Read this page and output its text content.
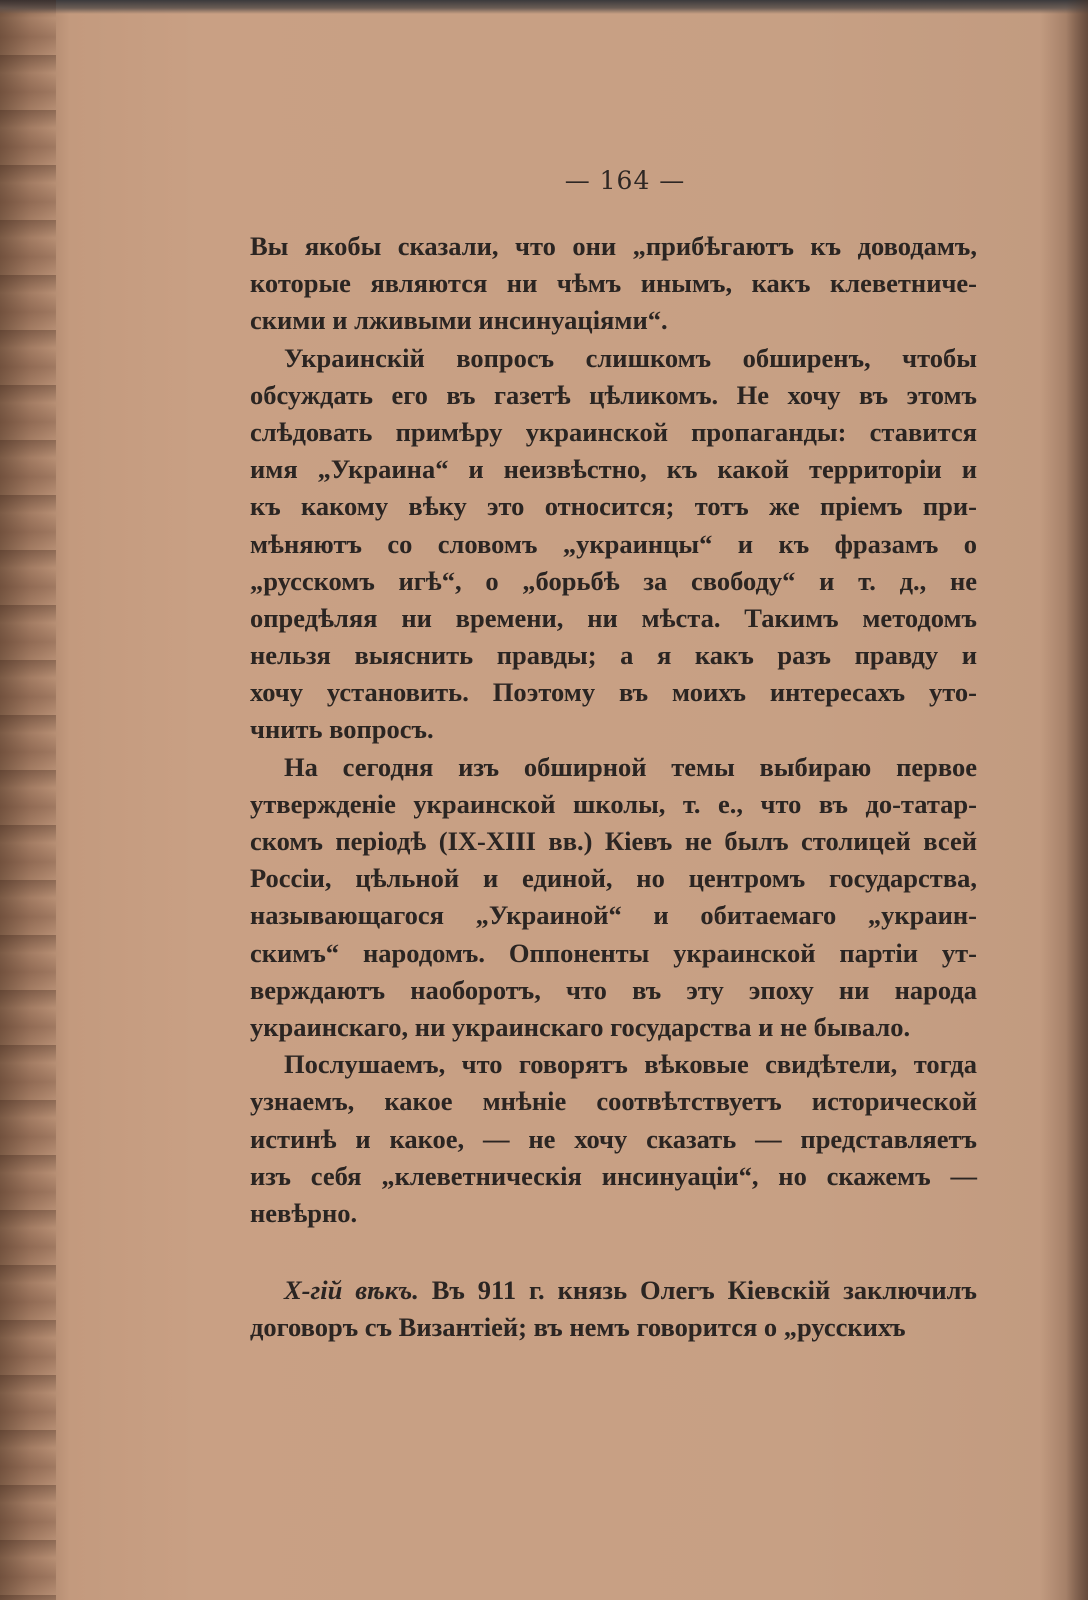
— 164 —
Вы якобы сказали, что они „прибѣгаютъ къ доводамъ,
которые являются ни чѣмъ инымъ, какъ клеветниче-
скими и лживыми инсинуаціями“.
Украинскій вопросъ слишкомъ обширенъ, чтобы
обсуждать его въ газетѣ цѣликомъ. Не хочу въ этомъ
слѣдовать примѣру украинской пропаганды: ставится
имя „Украина“ и неизвѣстно, къ какой территоріи и
къ какому вѣку это относится; тотъ же пріемъ при-
мѣняютъ со словомъ „украинцы“ и къ фразамъ о
„русскомъ игѣ“, о „борьбѣ за свободу“ и т. д., не
опредѣляя ни времени, ни мѣста. Такимъ методомъ
нельзя выяснить правды; а я какъ разъ правду и
хочу установить. Поэтому въ моихъ интересахъ уто-
чнить вопросъ.
На сегодня изъ обширной темы выбираю первое
утвержденіе украинской школы, т. е., что въ до-татар-
скомъ періодѣ (IX-XIII вв.) Кіевъ не былъ столицей всей
Россіи, цѣльной и единой, но центромъ государства,
называющагося „Украиной“ и обитаемаго „украин-
скимъ“ народомъ. Оппоненты украинской партіи ут-
верждаютъ наоборотъ, что въ эту эпоху ни народа
украинскаго, ни украинскаго государства и не бывало.
Послушаемъ, что говорятъ вѣковые свидѣтели, тогда
узнаемъ, какое мнѣніе соотвѣтствуетъ исторической
истинѣ и какое, — не хочу сказать — представляетъ
изъ себя „клеветническія инсинуаціи“, но скажемъ —
невѣрно.
X-гій вѣкъ. Въ 911 г. князь Олегъ Кіевскій заключилъ
договоръ съ Византіей; въ немъ говорится о „русскихъ
